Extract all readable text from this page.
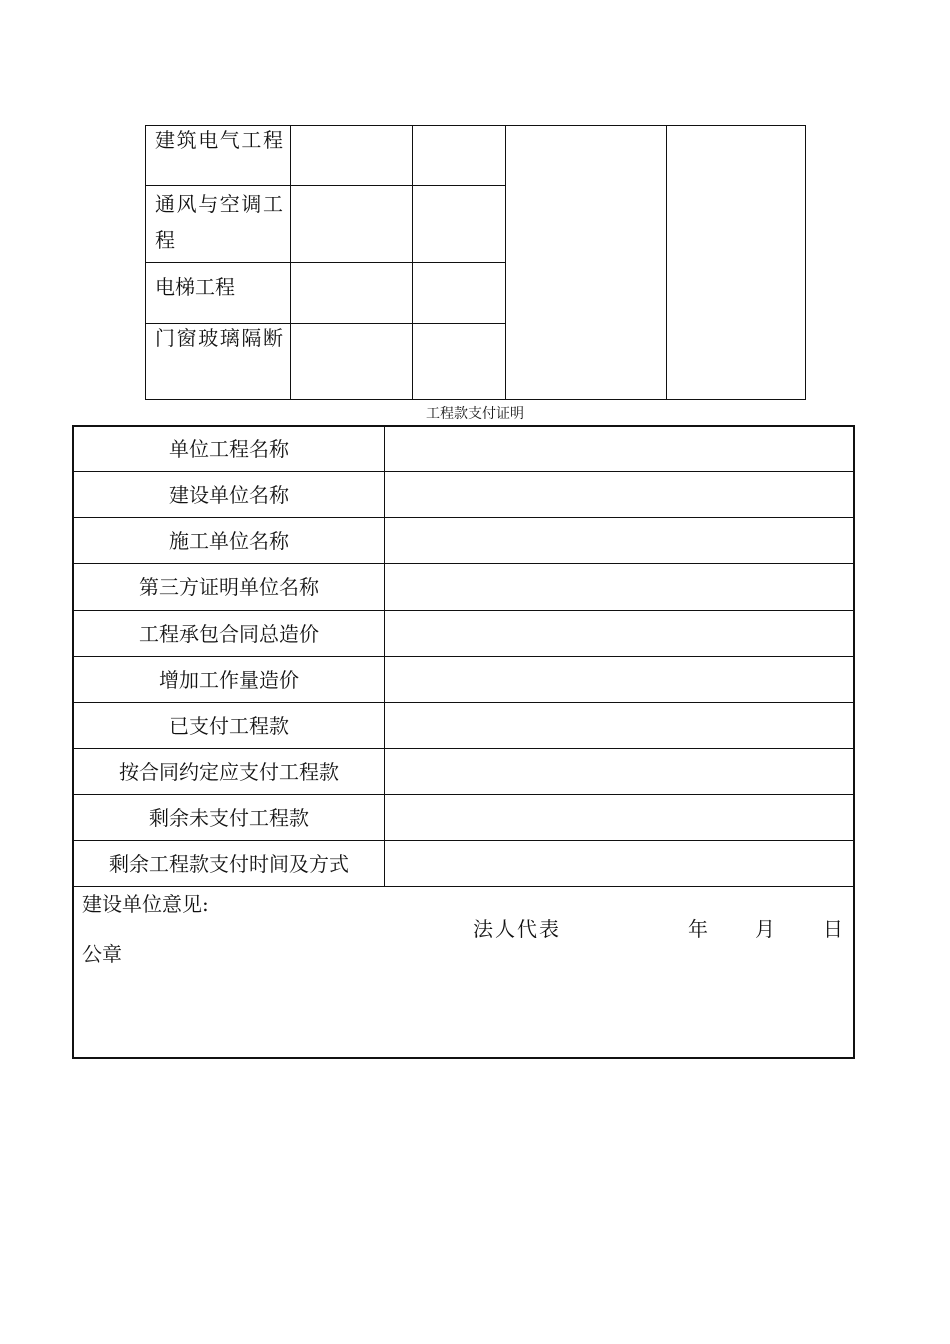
建筑电气工程
通风与空调工程
电梯工程
门窗玻璃隔断
工程款支付证明
单位工程名称
建设单位名称
施工单位名称
第三方证明单位名称
工程承包合同总造价
增加工作量造价
已支付工程款
按合同约定应支付工程款
剩余未支付工程款
剩余工程款支付时间及方式
建设单位意见:
法人代表	年 月 日
公章
